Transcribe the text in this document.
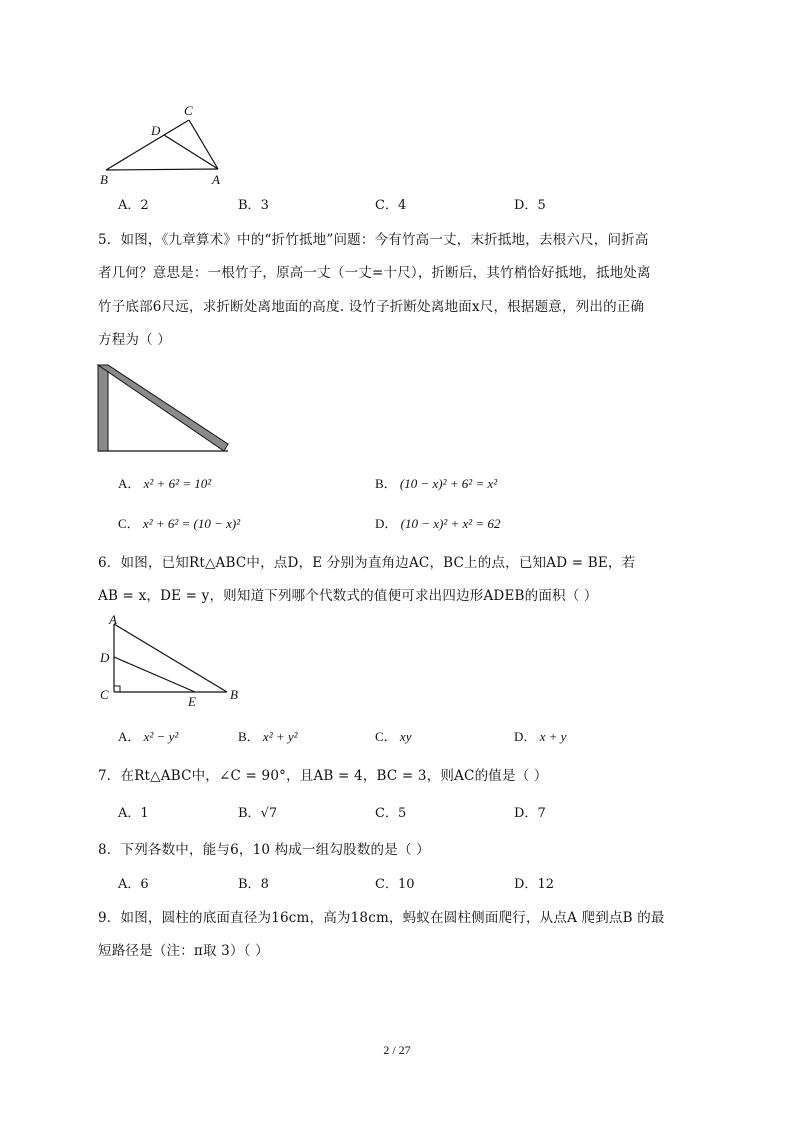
C
D
B	A
A．2	B．3	C．4	D．5
5．如图，《九章算术》中的“折竹抵地”问题：今有竹高一丈，末折抵地，去根六尺，问折高
者几何？意思是：一根竹子，原高一丈（一丈=十尺），折断后，其竹梢恰好抵地，抵地处离
竹子底部6尺远，求折断处离地面的高度. 设竹子折断处离地面x尺，根据题意，列出的正确
方程为（ ）
A． x² + 6² = 10²	B． (10 − x)² + 6² = x²
C． x² + 6² = (10 − x)²	D． (10 − x)² + x² = 62
6．如图，已知Rt△ABC中，点D，E 分别为直角边AC，BC上的点，已知AD = BE，若
AB = x，DE = y，则知道下列哪个代数式的值便可求出四边形ADEB的面积（ ）
A
D
C	E	B
A． x² − y²	B． x² + y²	C． xy	D． x + y
7．在Rt△ABC中，∠C = 90°，且AB = 4，BC = 3，则AC的值是（ ）
A．1	B．√7	C．5	D．7
8．下列各数中，能与6，10 构成一组勾股数的是（ ）
A．6	B．8	C．10	D．12
9．如图，圆柱的底面直径为16cm，高为18cm，蚂蚁在圆柱侧面爬行，从点A 爬到点B 的最
短路径是（注：π取 3）（ ）
2 / 27
